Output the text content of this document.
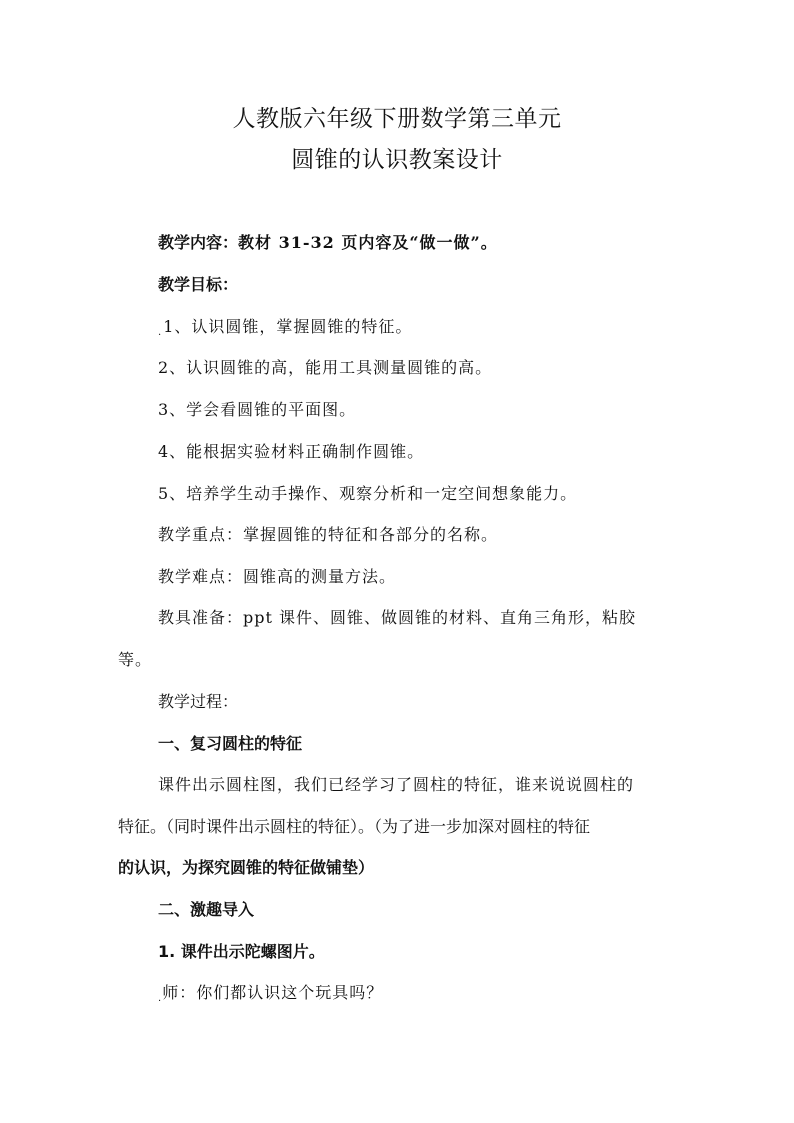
人教版六年级下册数学第三单元
圆锥的认识教案设计
教学内容：教材 31-32 页内容及“做一做”。
教学目标：
.1、认识圆锥，掌握圆锥的特征。
2、认识圆锥的高，能用工具测量圆锥的高。
3、学会看圆锥的平面图。
4、能根据实验材料正确制作圆锥。
5、培养学生动手操作、观察分析和一定空间想象能力。
教学重点：掌握圆锥的特征和各部分的名称。
教学难点：圆锥高的测量方法。
教具准备：ppt 课件、圆锥、做圆锥的材料、直角三角形，粘胶
等。
教学过程：
一、复习圆柱的特征
课件出示圆柱图，我们已经学习了圆柱的特征，谁来说说圆柱的
特征。（同时课件出示圆柱的特征）。（为了进一步加深对圆柱的特征
的认识，为探究圆锥的特征做铺垫）
二、激趣导入
1. 课件出示陀螺图片。
.师：你们都认识这个玩具吗？
